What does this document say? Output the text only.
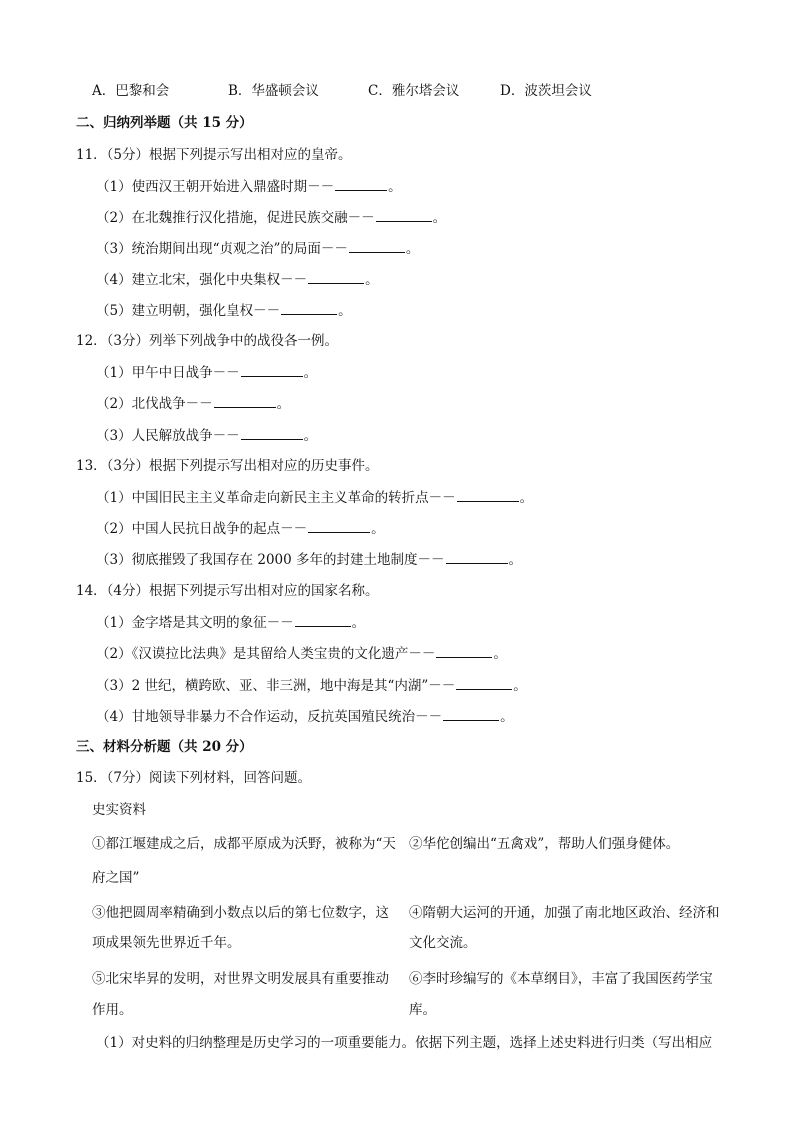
A．巴黎和会	B．华盛顿会议	C．雅尔塔会议	D．波茨坦会议
二、归纳列举题（共 15 分）
11．（5分）根据下列提示写出相对应的皇帝。
（1）使西汉王朝开始进入鼎盛时期－－	。
（2）在北魏推行汉化措施，促进民族交融－－	。
（3）统治期间出现“贞观之治”的局面－－	。
（4）建立北宋，强化中央集权－－	。
（5）建立明朝，强化皇权－－	。
12．（3分）列举下列战争中的战役各一例。
（1）甲午中日战争－－	。
（2）北伐战争－－	。
（3）人民解放战争－－	。
13．（3分）根据下列提示写出相对应的历史事件。
（1）中国旧民主主义革命走向新民主主义革命的转折点－－	。
（2）中国人民抗日战争的起点－－	。
（3）彻底摧毁了我国存在 2000 多年的封建土地制度－－	。
14．（4分）根据下列提示写出相对应的国家名称。
（1）金字塔是其文明的象征－－	。
（2）《汉谟拉比法典》是其留给人类宝贵的文化遗产－－	。
（3）2 世纪，横跨欧、亚、非三洲，地中海是其“内湖”－－	。
（4）甘地领导非暴力不合作运动，反抗英国殖民统治－－	。
三、材料分析题（共 20 分）
15．（7分）阅读下列材料，回答问题。
史实资料
①都江堰建成之后，成都平原成为沃野，被称为“天 ②华佗创编出“五禽戏”，帮助人们强身健体。
府之国”
③他把圆周率精确到小数点以后的第七位数字，这 ④隋朝大运河的开通，加强了南北地区政治、经济和
项成果领先世界近千年。	文化交流。
⑤北宋毕昇的发明，对世界文明发展具有重要推动 ⑥李时珍编写的《本草纲目》，丰富了我国医药学宝
作用。	库。
（1）对史料的归纳整理是历史学习的一项重要能力。依据下列主题，选择上述史料进行归类（写出相应
